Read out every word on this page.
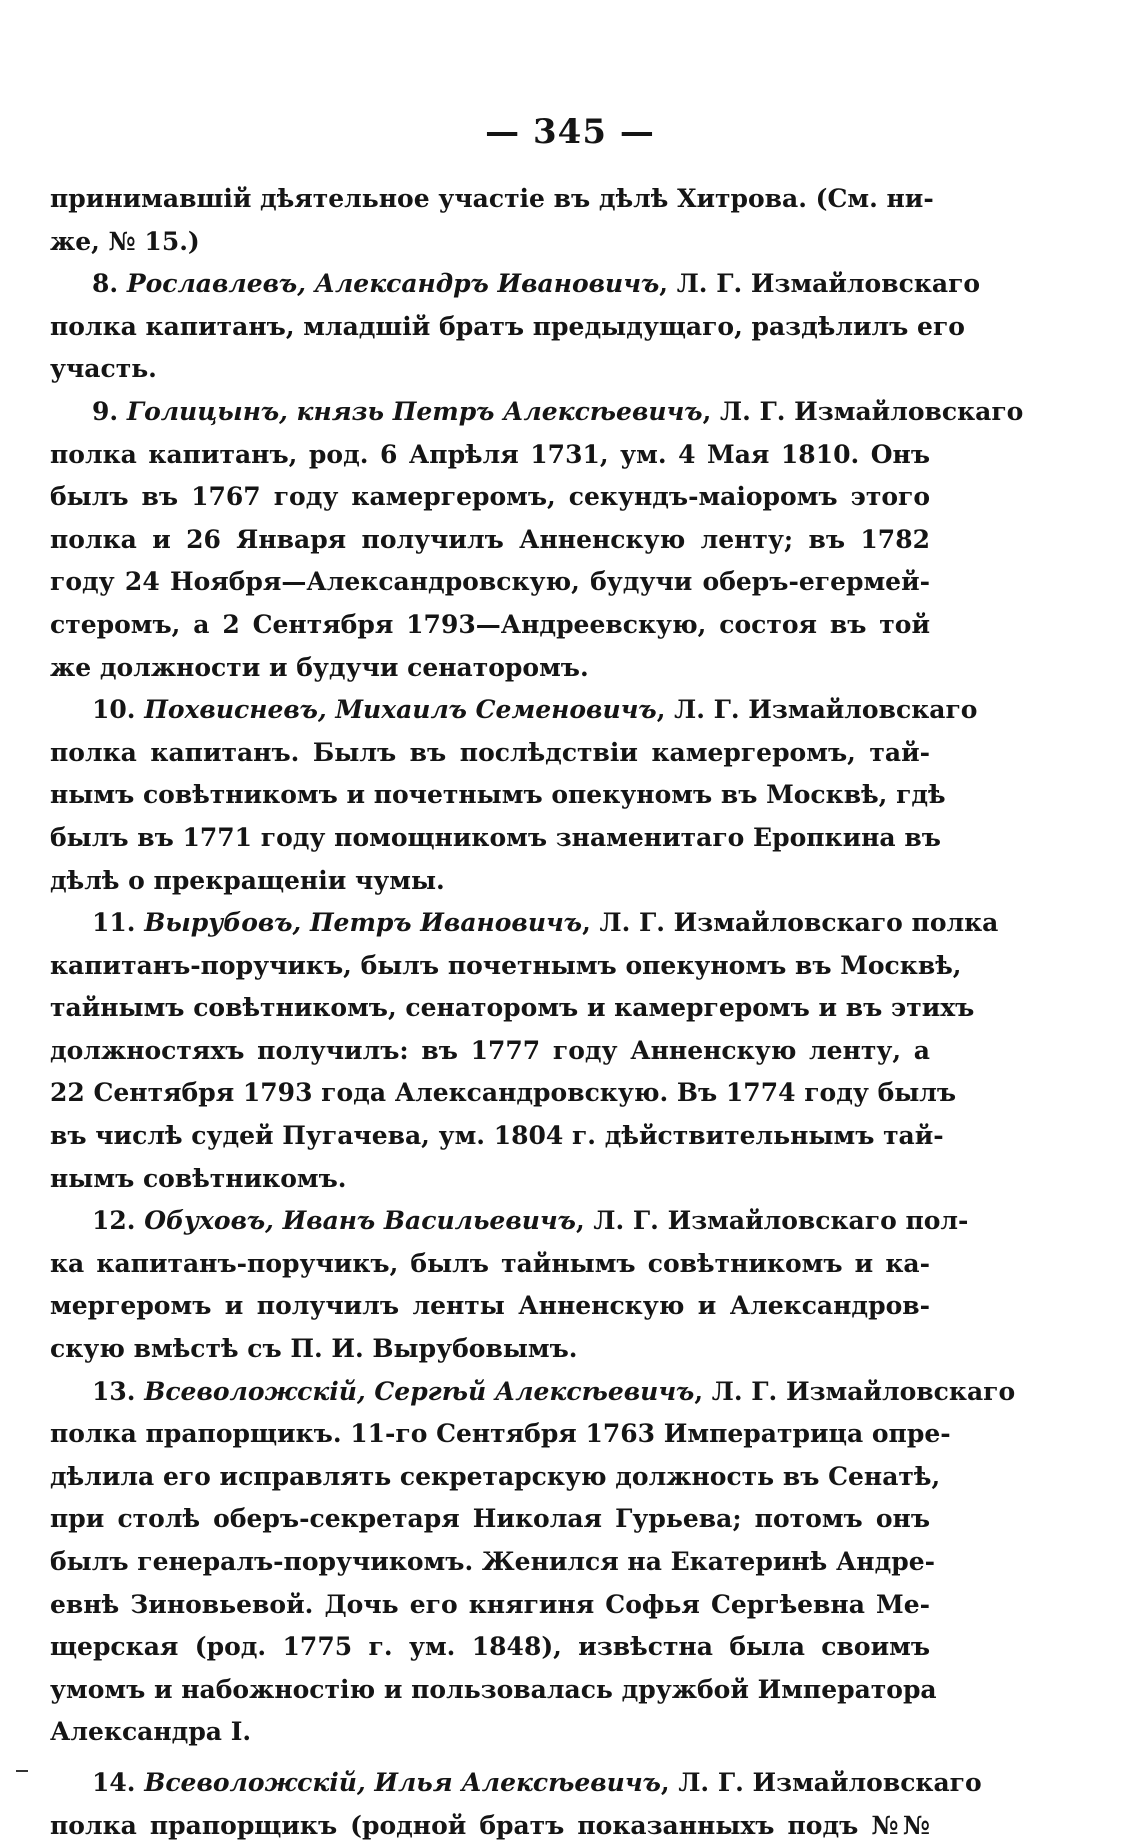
— 345 —
принимавшій дѣятельное участіе въ дѣлѣ Хитрова. (См. ни-
же, № 15.)
8. Рославлевъ, Александръ Ивановичъ, Л. Г. Измайловскаго
полка капитанъ, младшій братъ предыдущаго, раздѣлилъ его
участь.
9. Голицынъ, князь Петръ Алексѣевичъ, Л. Г. Измайловскаго
полка капитанъ, род. 6 Апрѣля 1731, ум. 4 Мая 1810. Онъ
былъ въ 1767 году камергеромъ, секундъ-маіоромъ этого
полка и 26 Января получилъ Анненскую ленту; въ 1782
году 24 Ноября—Александровскую, будучи оберъ-егермей-
стеромъ, а 2 Сентября 1793—Андреевскую, состоя въ той
же должности и будучи сенаторомъ.
10. Похвисневъ, Михаилъ Семеновичъ, Л. Г. Измайловскаго
полка капитанъ. Былъ въ послѣдствіи камергеромъ, тай-
нымъ совѣтникомъ и почетнымъ опекуномъ въ Москвѣ, гдѣ
былъ въ 1771 году помощникомъ знаменитаго Еропкина въ
дѣлѣ о прекращеніи чумы.
11. Вырубовъ, Петръ Ивановичъ, Л. Г. Измайловскаго полка
капитанъ-поручикъ, былъ почетнымъ опекуномъ въ Москвѣ,
тайнымъ совѣтникомъ, сенаторомъ и камергеромъ и въ этихъ
должностяхъ получилъ: въ 1777 году Анненскую ленту, а
22 Сентября 1793 года Александровскую. Въ 1774 году былъ
въ числѣ судей Пугачева, ум. 1804 г. дѣйствительнымъ тай-
нымъ совѣтникомъ.
12. Обуховъ, Иванъ Васильевичъ, Л. Г. Измайловскаго пол-
ка капитанъ-поручикъ, былъ тайнымъ совѣтникомъ и ка-
мергеромъ и получилъ ленты Анненскую и Александров-
скую вмѣстѣ съ П. И. Вырубовымъ.
13. Всеволожскій, Сергѣй Алексѣевичъ, Л. Г. Измайловскаго
полка прапорщикъ. 11-го Сентября 1763 Императрица опре-
дѣлила его исправлять секретарскую должность въ Сенатѣ,
при столѣ оберъ-секретаря Николая Гурьева; потомъ онъ
былъ генералъ-поручикомъ. Женился на Екатеринѣ Андре-
евнѣ Зиновьевой. Дочь его княгиня Софья Сергѣевна Ме-
щерская (род. 1775 г. ум. 1848), извѣстна была своимъ
умомъ и набожностію и пользовалась дружбой Императора
Александра I.
14. Всеволожскій, Илья Алексѣевичъ, Л. Г. Измайловскаго
полка прапорщикъ (родной братъ показанныхъ подъ №№
